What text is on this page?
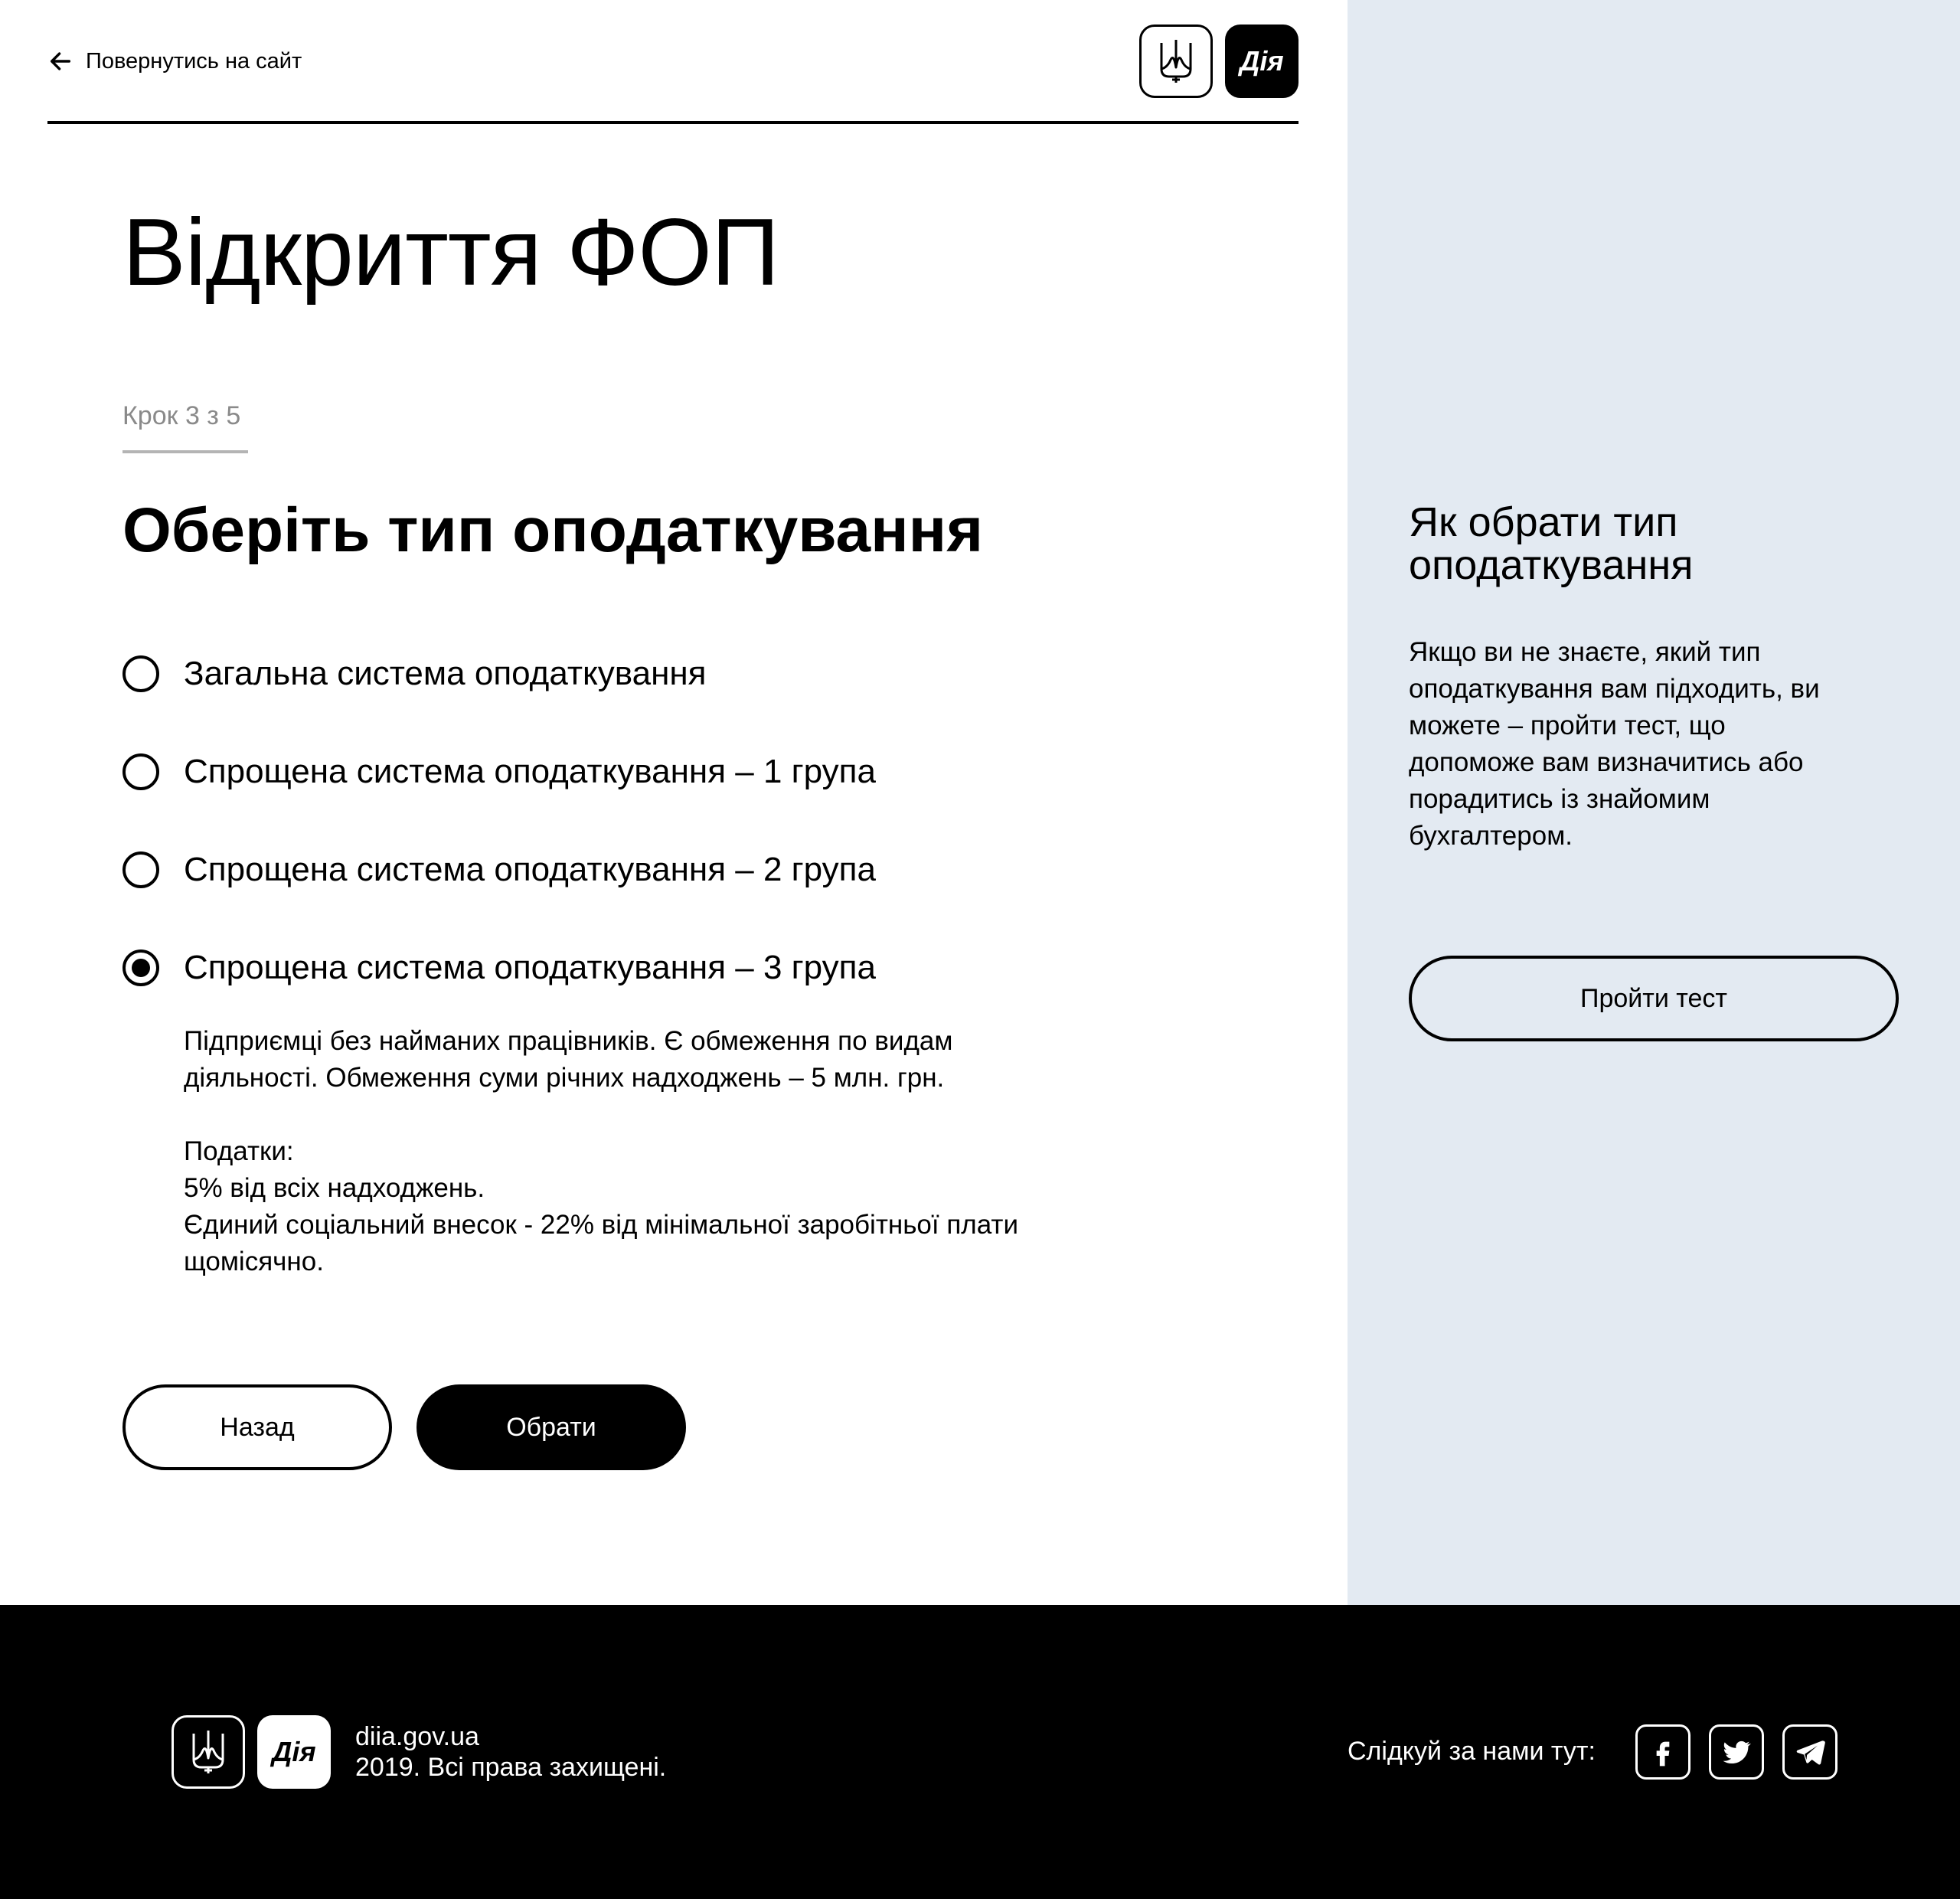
Повернутись на сайт	Дія
Відкриття ФОП
Крок 3 з 5
Оберіть тип оподаткування
Загальна система оподаткування
Спрощена система оподаткування – 1 група
Спрощена система оподаткування – 2 група
Спрощена система оподаткування – 3 група

Підприємці без найманих працівників. Є обмеження по видам
діяльності. Обмеження суми річних надходжень – 5 млн. грн.

Податки:
5% від всіх надходжень.
Єдиний соціальний внесок - 22% від мінімальної заробітньої плати
щомісячно.

Назад	Обрати
Як обрати тип
оподаткування
Якщо ви не знаєте, який тип
оподаткування вам підходить, ви
можете – пройти тест, що
допоможе вам визначитись або
порадитись із знайомим
бухгалтером.
Пройти тест
Дія	diia.gov.ua
2019. Всі права захищені.
Слідкуй за нами тут:
